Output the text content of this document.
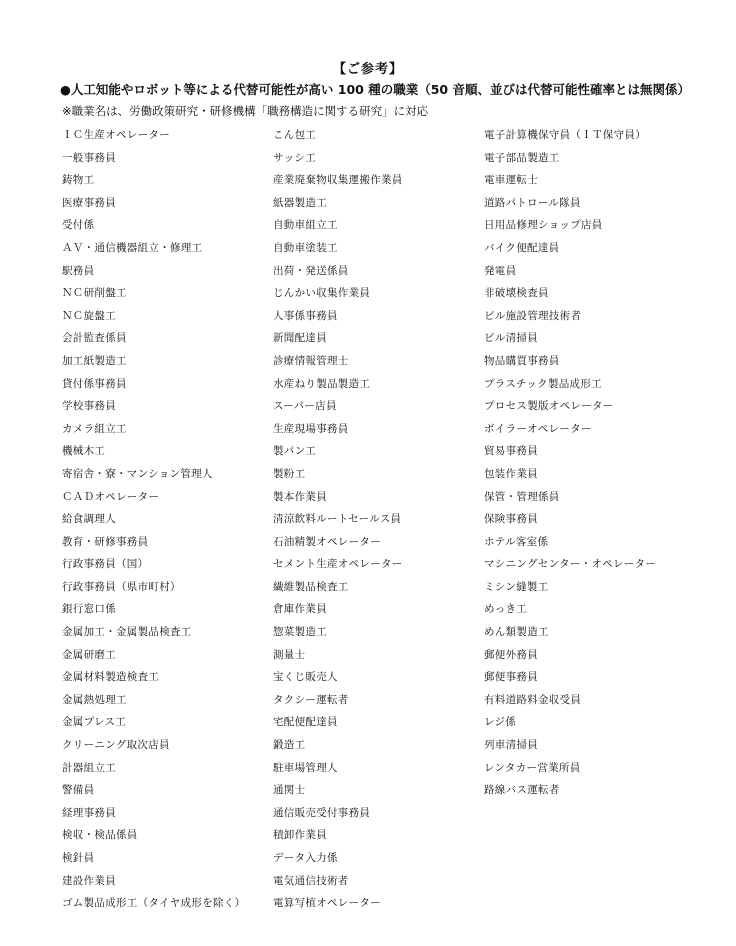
【ご参考】
●人工知能やロボット等による代替可能性が高い 100 種の職業（50 音順、並びは代替可能性確率とは無関係）
※職業名は、労働政策研究・研修機構「職務構造に関する研究」に対応
ＩＣ生産オペレーター
一般事務員
鋳物工
医療事務員
受付係
ＡＶ・通信機器組立・修理工
駅務員
ＮＣ研削盤工
ＮＣ旋盤工
会計監査係員
加工紙製造工
貸付係事務員
学校事務員
カメラ組立工
機械木工
寄宿舎・寮・マンション管理人
ＣＡＤオペレーター
給食調理人
教育・研修事務員
行政事務員（国）
行政事務員（県市町村）
銀行窓口係
金属加工・金属製品検査工
金属研磨工
金属材料製造検査工
金属熱処理工
金属プレス工
クリーニング取次店員
計器組立工
警備員
経理事務員
検収・検品係員
検針員
建設作業員
ゴム製品成形工（タイヤ成形を除く）
こん包工
サッシ工
産業廃棄物収集運搬作業員
紙器製造工
自動車組立工
自動車塗装工
出荷・発送係員
じんかい収集作業員
人事係事務員
新聞配達員
診療情報管理士
水産ねり製品製造工
スーパー店員
生産現場事務員
製パン工
製粉工
製本作業員
清涼飲料ルートセールス員
石油精製オペレーター
セメント生産オペレーター
繊維製品検査工
倉庫作業員
惣菜製造工
測量士
宝くじ販売人
タクシー運転者
宅配便配達員
鍛造工
駐車場管理人
通関士
通信販売受付事務員
積卸作業員
データ入力係
電気通信技術者
電算写植オペレーター
電子計算機保守員（ＩＴ保守員）
電子部品製造工
電車運転士
道路パトロール隊員
日用品修理ショップ店員
バイク便配達員
発電員
非破壊検査員
ビル施設管理技術者
ビル清掃員
物品購買事務員
プラスチック製品成形工
プロセス製版オペレーター
ボイラーオペレーター
貿易事務員
包装作業員
保管・管理係員
保険事務員
ホテル客室係
マシニングセンター・オペレーター
ミシン縫製工
めっき工
めん類製造工
郵便外務員
郵便事務員
有料道路料金収受員
レジ係
列車清掃員
レンタカー営業所員
路線バス運転者
